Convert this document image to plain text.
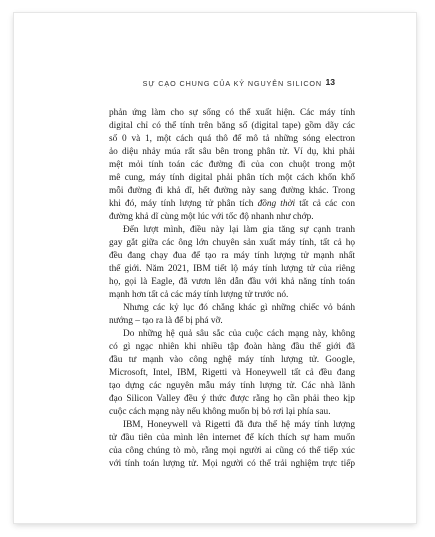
SỰ CẠO CHUNG CỦA KỶ NGUYÊN SILICON 13
phản ứng làm cho sự sống có thể xuất hiện. Các máy tính
digital chỉ có thể tính trên băng số (digital tape) gồm dãy các
số 0 và 1, một cách quá thô để mô tả những sóng electron
ảo diệu nhảy múa rất sâu bên trong phân tử. Ví dụ, khi phải
mệt mỏi tính toán các đường đi của con chuột trong một
mê cung, máy tính digital phải phân tích một cách khốn khổ
mỗi đường đi khả dĩ, hết đường này sang đường khác. Trong
khi đó, máy tính lượng tử phân tích đồng thời tất cả các con
đường khả dĩ cùng một lúc với tốc độ nhanh như chớp.
Đến lượt mình, điều này lại làm gia tăng sự cạnh tranh
gay gắt giữa các ông lớn chuyên sản xuất máy tính, tất cả họ
đều đang chạy đua để tạo ra máy tính lượng tử mạnh nhất
thế giới. Năm 2021, IBM tiết lộ máy tính lượng tử của riêng
họ, gọi là Eagle, đã vươn lên dẫn đầu với khả năng tính toán
mạnh hơn tất cả các máy tính lượng tử trước nó.
Nhưng các kỷ lục đó chẳng khác gì những chiếc vỏ bánh
nướng – tạo ra là để bị phá vỡ.
Do những hệ quả sâu sắc của cuộc cách mạng này, không
có gì ngạc nhiên khi nhiều tập đoàn hàng đầu thế giới đã
đầu tư mạnh vào công nghệ máy tính lượng tử. Google,
Microsoft, Intel, IBM, Rigetti và Honeywell tất cả đều đang
tạo dựng các nguyên mẫu máy tính lượng tử. Các nhà lãnh
đạo Silicon Valley đều ý thức được rằng họ cần phải theo kịp
cuộc cách mạng này nếu không muốn bị bỏ rơi lại phía sau.
IBM, Honeywell và Rigetti đã đưa thế hệ máy tính lượng
tử đầu tiên của mình lên internet để kích thích sự ham muốn
của công chúng tò mò, rằng mọi người ai cũng có thể tiếp xúc
với tính toán lượng tử. Mọi người có thể trải nghiệm trực tiếp
